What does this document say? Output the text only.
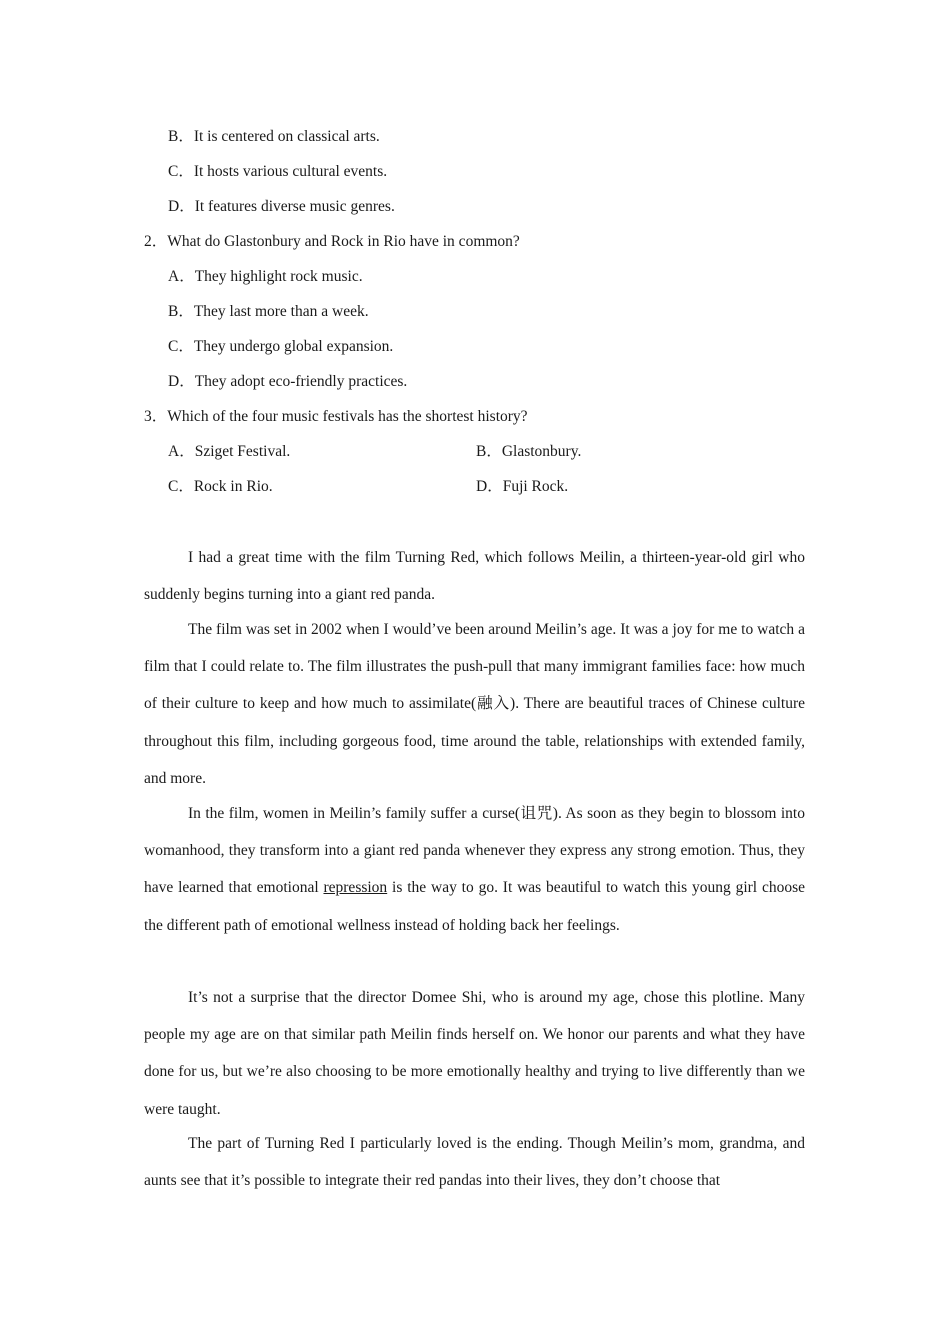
B．It is centered on classical arts.
C．It hosts various cultural events.
D．It features diverse music genres.
2．What do Glastonbury and Rock in Rio have in common?
A．They highlight rock music.
B．They last more than a week.
C．They undergo global expansion.
D．They adopt eco-friendly practices.
3．Which of the four music festivals has the shortest history?
A．Sziget Festival.	B．Glastonbury.
C．Rock in Rio.	D．Fuji Rock.

I had a great time with the film Turning Red, which follows Meilin, a thirteen-year-old girl who suddenly begins turning into a giant red panda.

The film was set in 2002 when I would’ve been around Meilin’s age. It was a joy for me to watch a film that I could relate to. The film illustrates the push-pull that many immigrant families face: how much of their culture to keep and how much to assimilate(融入). There are beautiful traces of Chinese culture throughout this film, including gorgeous food, time around the table, relationships with extended family, and more.

In the film, women in Meilin’s family suffer a curse(诅咒). As soon as they begin to blossom into womanhood, they transform into a giant red panda whenever they express any strong emotion. Thus, they have learned that emotional repression is the way to go. It was beautiful to watch this young girl choose the different path of emotional wellness instead of holding back her feelings.

It’s not a surprise that the director Domee Shi, who is around my age, chose this plotline. Many people my age are on that similar path Meilin finds herself on. We honor our parents and what they have done for us, but we’re also choosing to be more emotionally healthy and trying to live differently than we were taught.

The part of Turning Red I particularly loved is the ending. Though Meilin’s mom, grandma, and aunts see that it’s possible to integrate their red pandas into their lives, they don’t choose that
